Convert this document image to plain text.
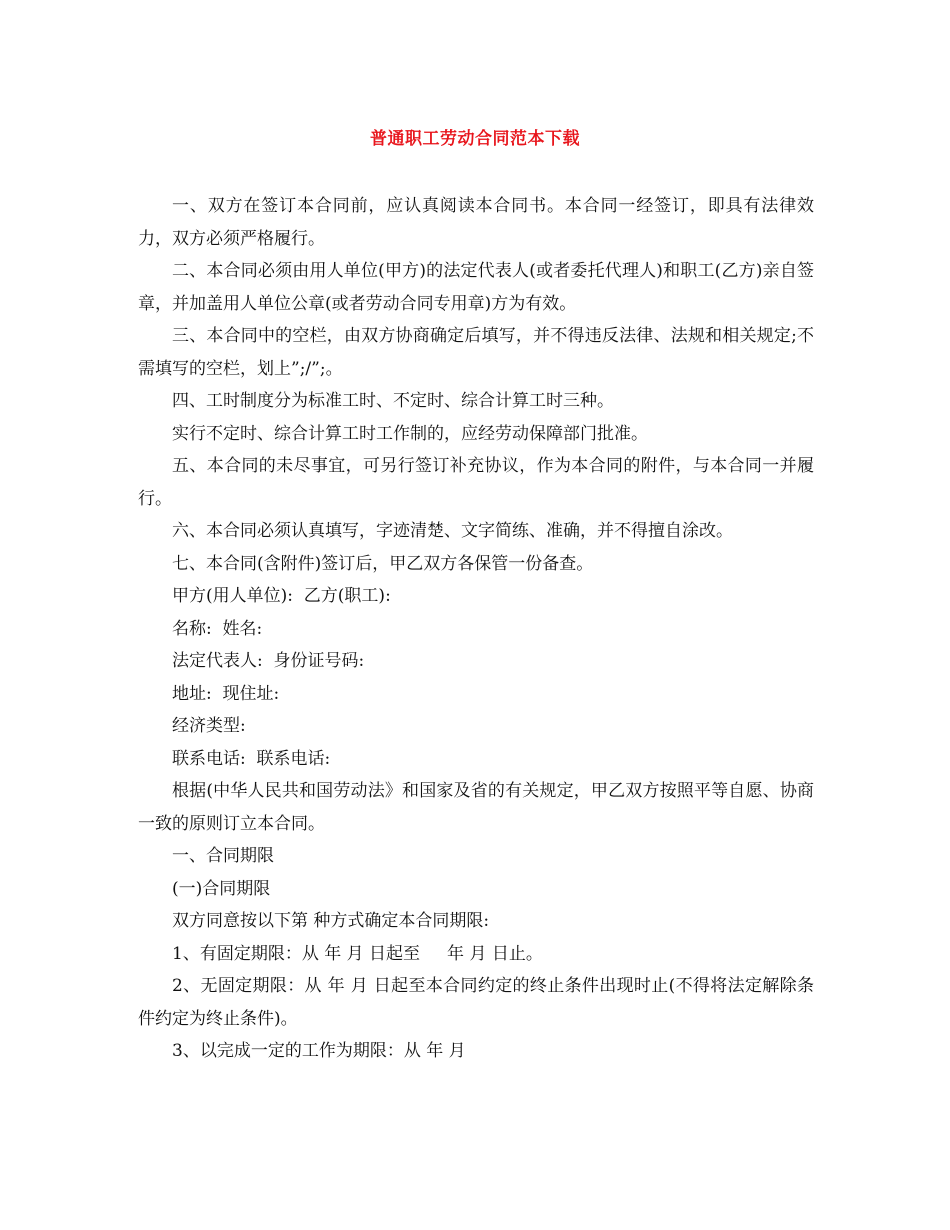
普通职工劳动合同范本下载

一、双方在签订本合同前，应认真阅读本合同书。本合同一经签订，即具有法律效力，双方必须严格履行。

二、本合同必须由用人单位(甲方)的法定代表人(或者委托代理人)和职工(乙方)亲自签章，并加盖用人单位公章(或者劳动合同专用章)方为有效。

三、本合同中的空栏，由双方协商确定后填写，并不得违反法律、法规和相关规定;不需填写的空栏，划上”;/”;。

四、工时制度分为标准工时、不定时、综合计算工时三种。

实行不定时、综合计算工时工作制的，应经劳动保障部门批准。

五、本合同的未尽事宜，可另行签订补充协议，作为本合同的附件，与本合同一并履行。

六、本合同必须认真填写，字迹清楚、文字简练、准确，并不得擅自涂改。

七、本合同(含附件)签订后，甲乙双方各保管一份备查。

甲方(用人单位):  乙方(职工):

名称:  姓名:

法定代表人:  身份证号码:

地址:  现住址:

经济类型:

联系电话:  联系电话:

根据(中华人民共和国劳动法》和国家及省的有关规定，甲乙双方按照平等自愿、协商一致的原则订立本合同。

一、合同期限

(一)合同期限

双方同意按以下第 种方式确定本合同期限:

1、有固定期限：从 年 月 日起至     年 月 日止。

2、无固定期限：从 年 月 日起至本合同约定的终止条件出现时止(不得将法定解除条件约定为终止条件)。

3、以完成一定的工作为期限：从 年 月
